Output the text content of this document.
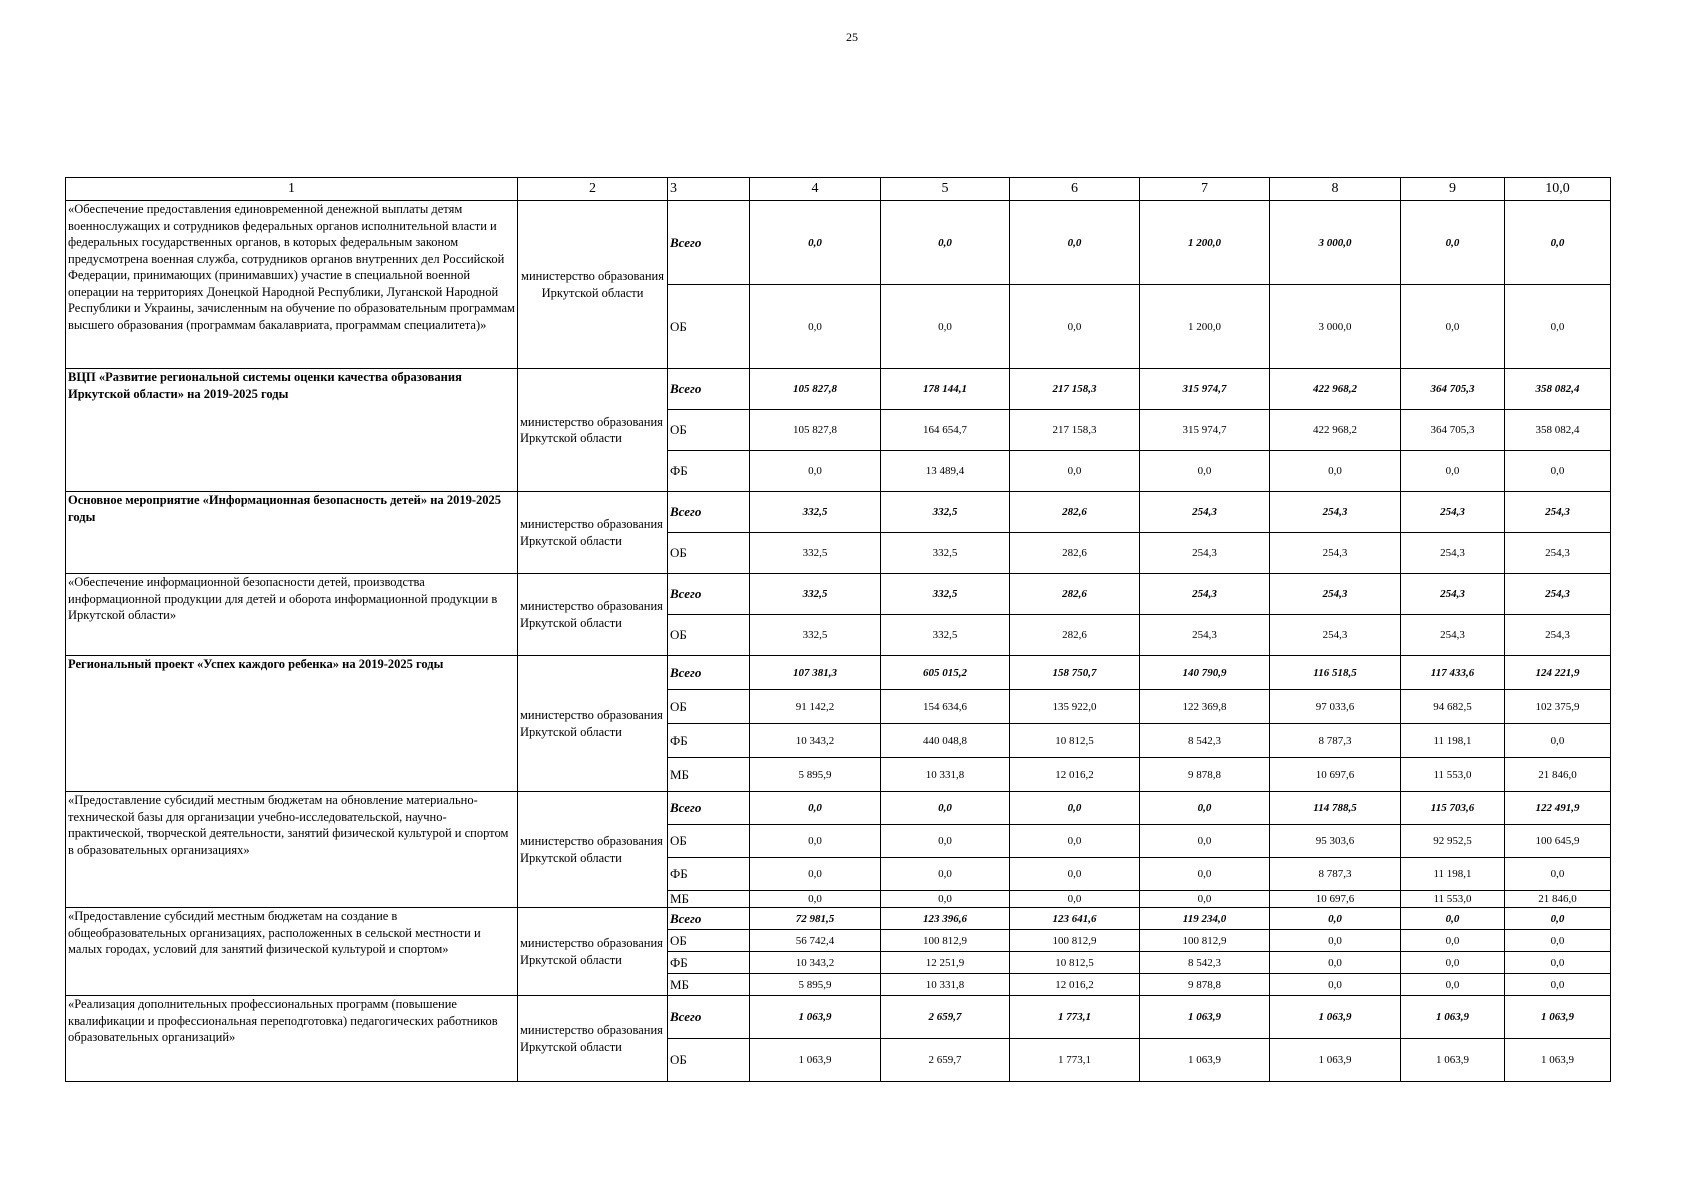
25
1	2	3	4	5	6	7	8	9	10,0
«Обеспечение предоставления единовременной денежной выплаты детям военнослужащих и сотрудников федеральных органов исполнительной власти и федеральных государственных органов, в которых федеральным законом предусмотрена военная служба, сотрудников органов внутренних дел Российской Федерации, принимающих (принимавших) участие в специальной военной операции на территориях Донецкой Народной Республики, Луганской Народной Республики и Украины, зачисленным на обучение по образовательным программам высшего образования (программам бакалавриата, программам специалитета)»	министерство образования Иркутской области	Всего	0,0	0,0	0,0	1 200,0	3 000,0	0,0	0,0
		ОБ	0,0	0,0	0,0	1 200,0	3 000,0	0,0	0,0
ВЦП «Развитие региональной системы оценки качества образования Иркутской области» на 2019-2025 годы	министерство образования Иркутской области	Всего	105 827,8	178 144,1	217 158,3	315 974,7	422 968,2	364 705,3	358 082,4
		ОБ	105 827,8	164 654,7	217 158,3	315 974,7	422 968,2	364 705,3	358 082,4
		ФБ	0,0	13 489,4	0,0	0,0	0,0	0,0	0,0
Основное мероприятие «Информационная безопасность детей» на 2019-2025 годы	министерство образования Иркутской области	Всего	332,5	332,5	282,6	254,3	254,3	254,3	254,3
		ОБ	332,5	332,5	282,6	254,3	254,3	254,3	254,3
«Обеспечение информационной безопасности детей, производства информационной продукции для детей и оборота информационной продукции в Иркутской области»	министерство образования Иркутской области	Всего	332,5	332,5	282,6	254,3	254,3	254,3	254,3
		ОБ	332,5	332,5	282,6	254,3	254,3	254,3	254,3
Региональный проект «Успех каждого ребенка» на 2019-2025 годы	министерство образования Иркутской области	Всего	107 381,3	605 015,2	158 750,7	140 790,9	116 518,5	117 433,6	124 221,9
		ОБ	91 142,2	154 634,6	135 922,0	122 369,8	97 033,6	94 682,5	102 375,9
		ФБ	10 343,2	440 048,8	10 812,5	8 542,3	8 787,3	11 198,1	0,0
		МБ	5 895,9	10 331,8	12 016,2	9 878,8	10 697,6	11 553,0	21 846,0
«Предоставление субсидий местным бюджетам на обновление материально-технической базы для организации учебно-исследовательской, научно-практической, творческой деятельности, занятий физической культурой и спортом в образовательных организациях»	министерство образования Иркутской области	Всего	0,0	0,0	0,0	0,0	114 788,5	115 703,6	122 491,9
		ОБ	0,0	0,0	0,0	0,0	95 303,6	92 952,5	100 645,9
		ФБ	0,0	0,0	0,0	0,0	8 787,3	11 198,1	0,0
		МБ	0,0	0,0	0,0	0,0	10 697,6	11 553,0	21 846,0
«Предоставление субсидий местным бюджетам на создание в общеобразовательных организациях, расположенных в сельской местности и малых городах, условий для занятий физической культурой и спортом»	министерство образования Иркутской области	Всего	72 981,5	123 396,6	123 641,6	119 234,0	0,0	0,0	0,0
		ОБ	56 742,4	100 812,9	100 812,9	100 812,9	0,0	0,0	0,0
		ФБ	10 343,2	12 251,9	10 812,5	8 542,3	0,0	0,0	0,0
		МБ	5 895,9	10 331,8	12 016,2	9 878,8	0,0	0,0	0,0
«Реализация дополнительных профессиональных программ (повышение квалификации и профессиональная переподготовка) педагогических работников образовательных организаций»	министерство образования Иркутской области	Всего	1 063,9	2 659,7	1 773,1	1 063,9	1 063,9	1 063,9	1 063,9
		ОБ	1 063,9	2 659,7	1 773,1	1 063,9	1 063,9	1 063,9	1 063,9
